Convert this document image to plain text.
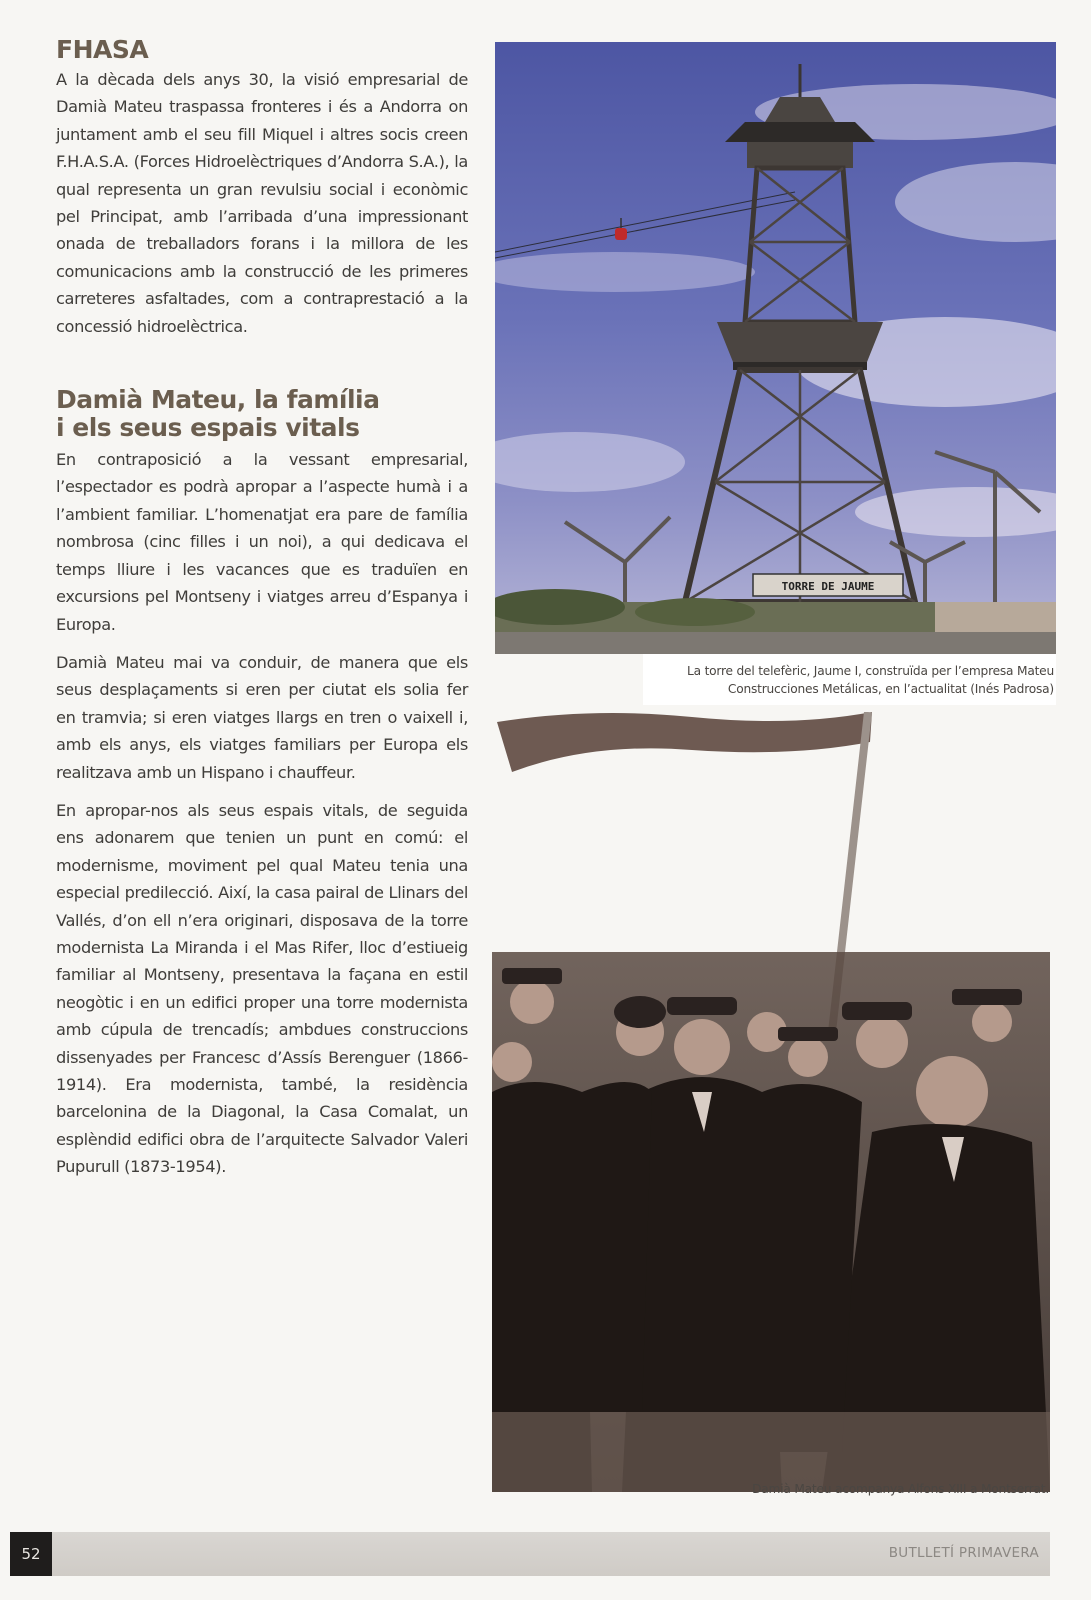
FHASA

A la dècada dels anys 30, la visió empresarial de Damià Mateu traspassa fronteres i és a Andorra on juntament amb el seu fill Miquel i altres socis creen F.H.A.S.A. (Forces Hidroelèctriques d’Andorra S.A.), la qual representa un gran revulsiu social i econòmic pel Principat, amb l’arribada d’una impressionant onada de treballadors forans i la millora de les comunicacions amb la construcció de les primeres carreteres asfaltades, com a contraprestació a la concessió hidroelèctrica.

Damià Mateu, la família
i els seus espais vitals

En contraposició a la vessant empresarial, l’espectador es podrà apropar a l’aspecte humà i a l’ambient familiar. L’homenatjat era pare de família nombrosa (cinc filles i un noi), a qui dedicava el temps lliure i les vacances que es traduïen en excursions pel Montseny i viatges arreu d’Espanya i Europa.

Damià Mateu mai va conduir, de manera que els seus desplaçaments si eren per ciutat els solia fer en tramvia; si eren viatges llargs en tren o vaixell i, amb els anys, els viatges familiars per Europa els realitzava amb un Hispano i chauffeur.

En apropar-nos als seus espais vitals, de seguida ens adonarem que tenien un punt en comú: el modernisme, moviment pel qual Mateu tenia una especial predilecció. Així, la casa pairal de Llinars del Vallés, d’on ell n’era originari, disposava de la torre modernista La Miranda i el Mas Rifer, lloc d’estiueig familiar al Montseny, presentava la façana en estil neogòtic i en un edifici proper una torre modernista amb cúpula de trencadís; ambdues construccions dissenyades per Francesc d’Assís Berenguer (1866-1914). Era modernista, també, la residència barcelonina de la Diagonal, la Casa Comalat, un esplèndid edifici obra de l’arquitecte Salvador Valeri Pupurull (1873-1954).

TORRE DE JAUME
La torre del telefèric, Jaume I, construïda per l’empresa Mateu
Construcciones Metálicas, en l’actualitat (Inés Padrosa)
Damià Mateu acompanya Alfons XIII a Montserrat.
52	BUTLLETÍ PRIMAVERA
